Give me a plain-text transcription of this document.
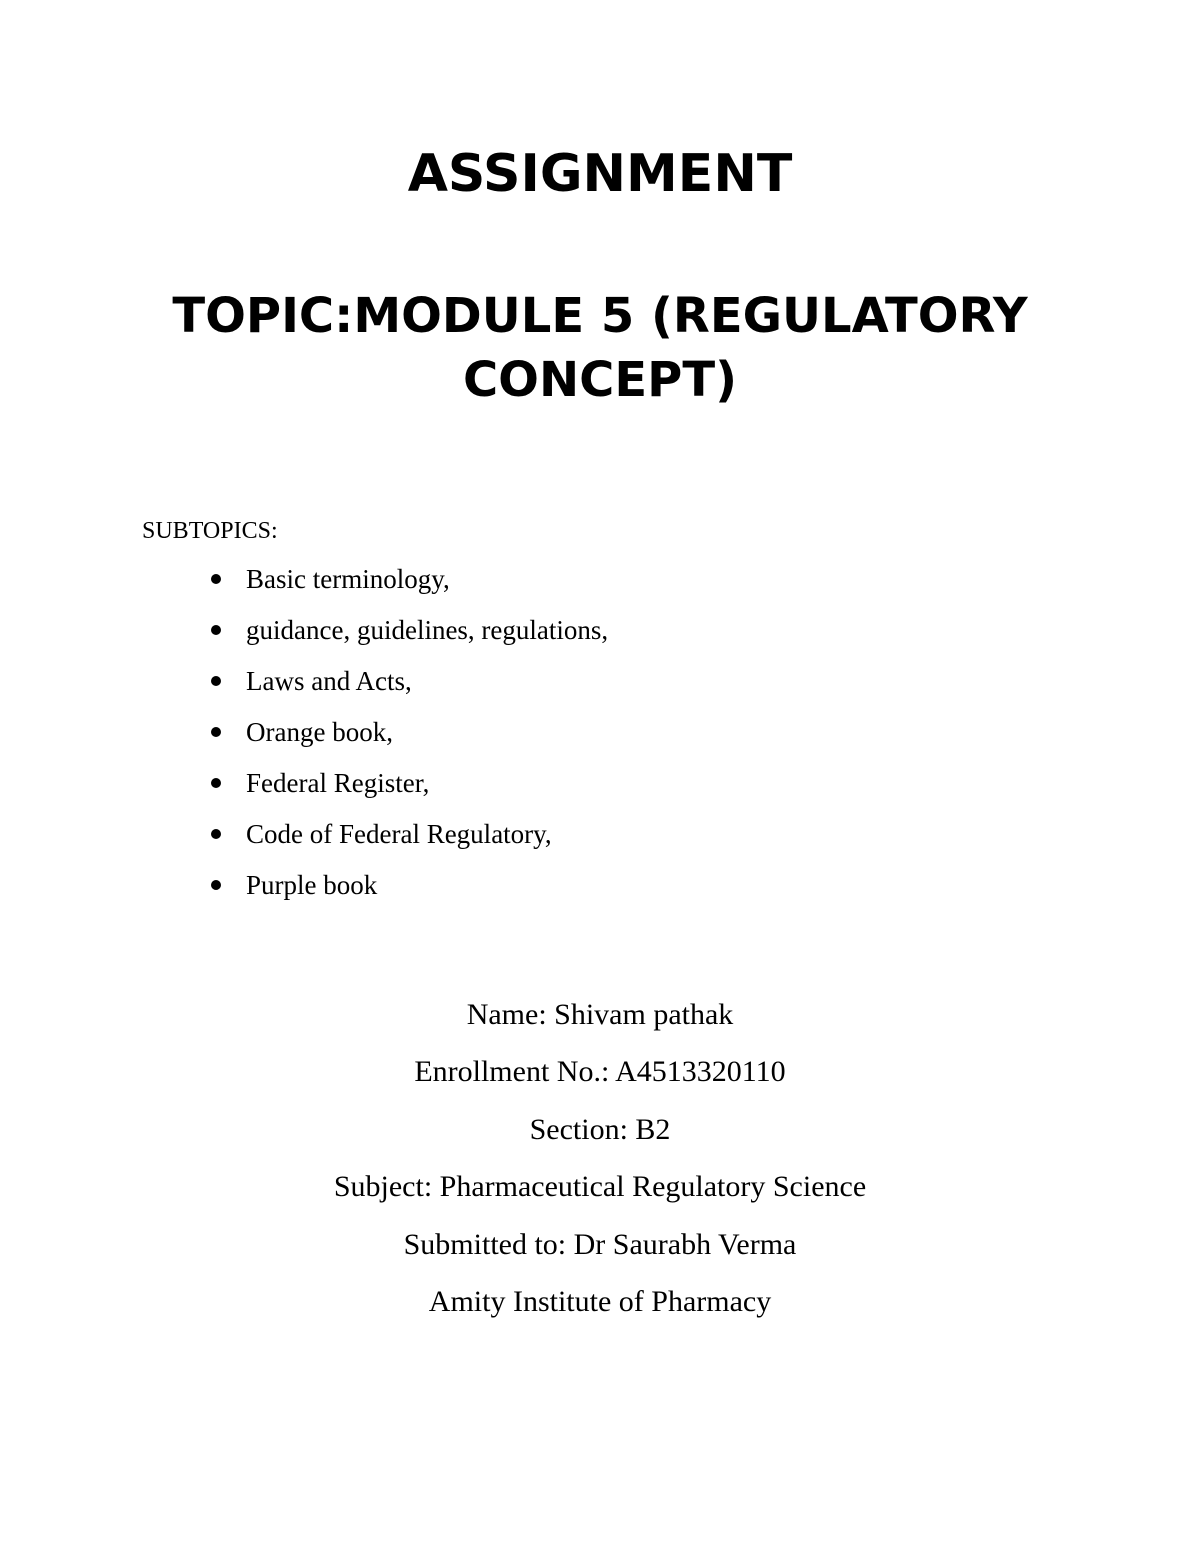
ASSIGNMENT
TOPIC:MODULE 5 (REGULATORY CONCEPT)
SUBTOPICS:
Basic terminology,
guidance, guidelines, regulations,
Laws and Acts,
Orange book,
Federal Register,
Code of Federal Regulatory,
Purple book
Name: Shivam pathak
Enrollment No.: A4513320110
Section: B2
Subject: Pharmaceutical Regulatory Science
Submitted to: Dr Saurabh Verma
Amity Institute of Pharmacy
